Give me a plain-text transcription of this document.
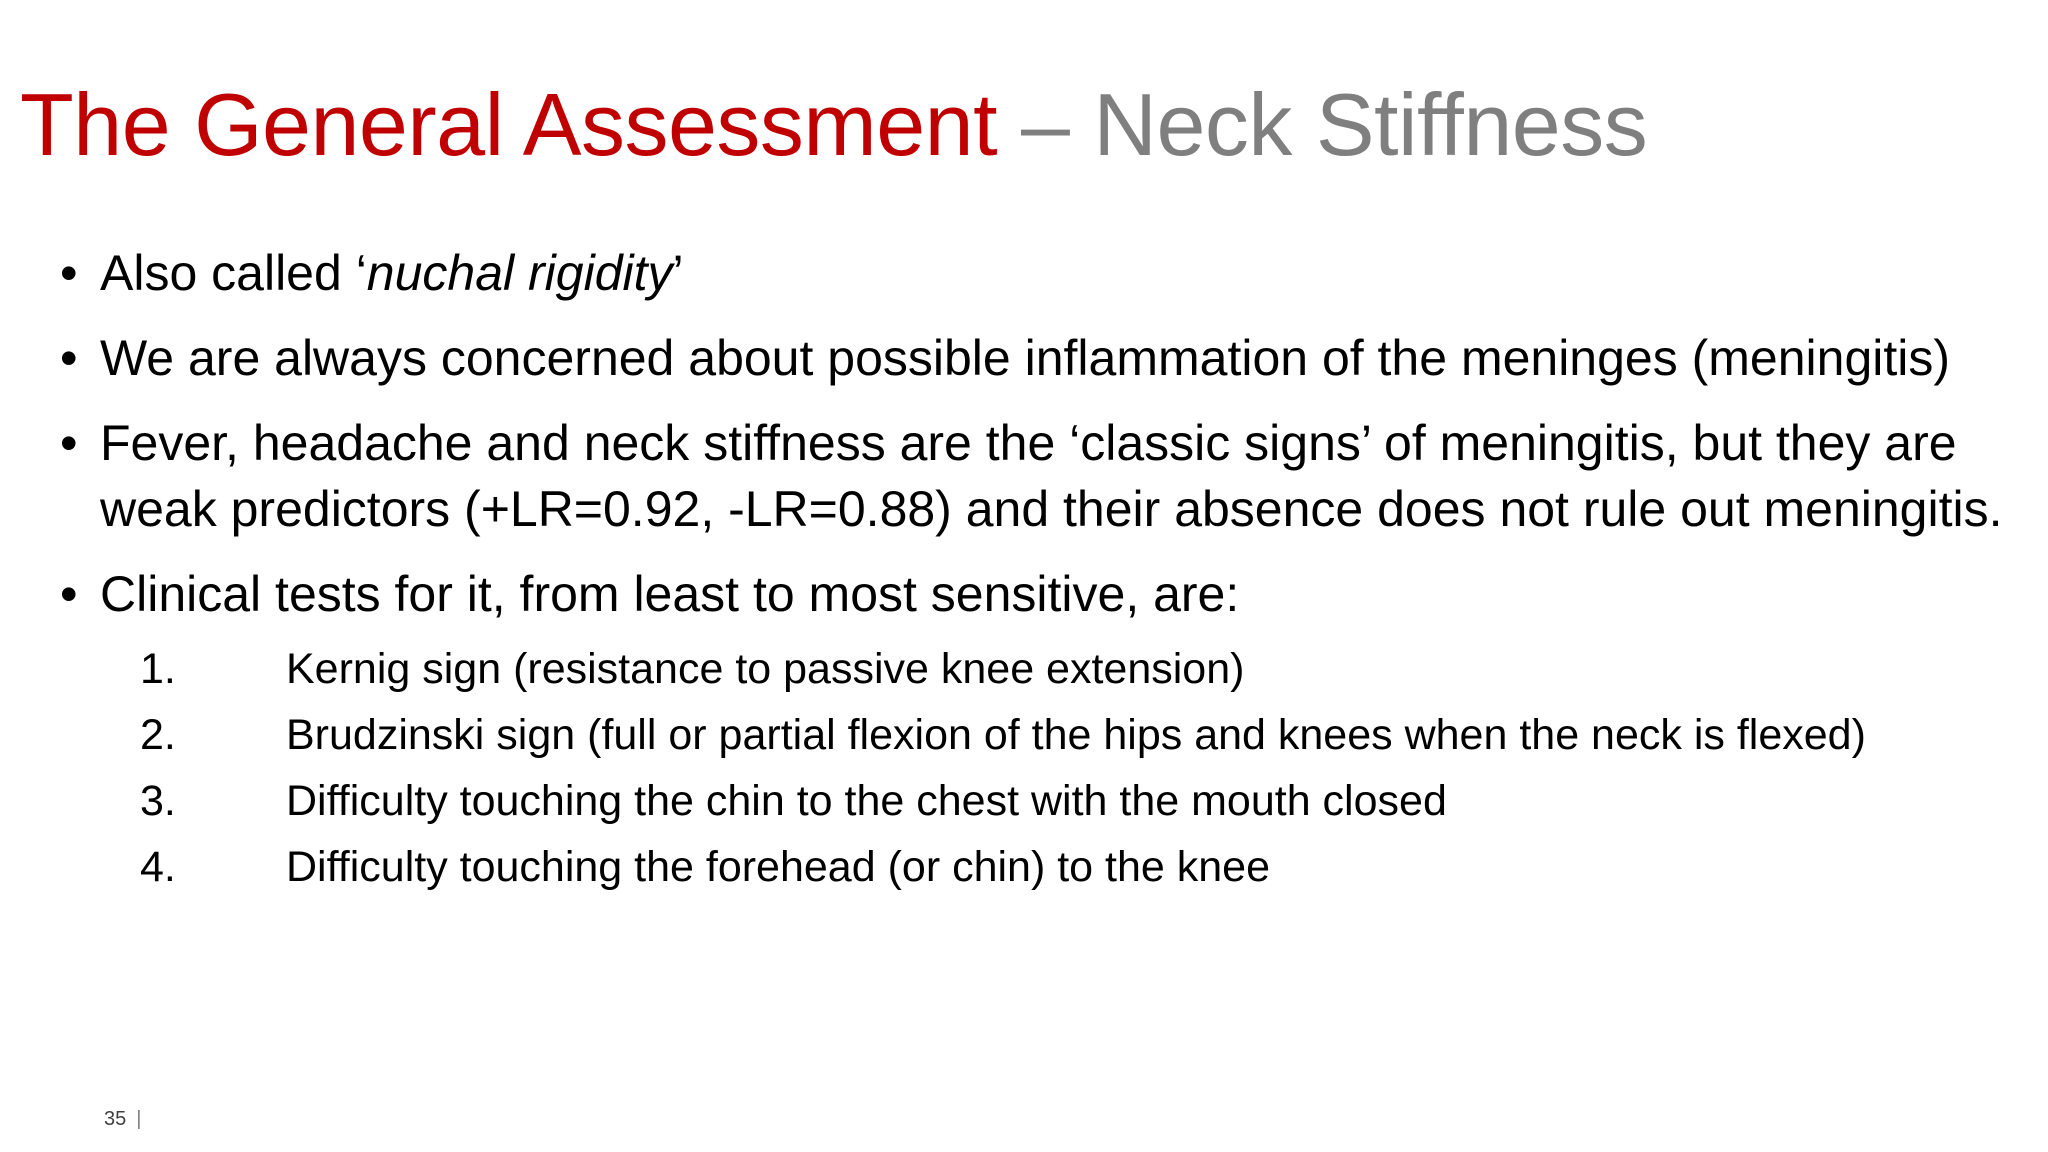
The General Assessment – Neck Stiffness
• Also called ‘nuchal rigidity’
• We are always concerned about possible inflammation of the meninges (meningitis)
• Fever, headache and neck stiffness are the ‘classic signs’ of meningitis, but they are weak predictors (+LR=0.92, -LR=0.88) and their absence does not rule out meningitis.
• Clinical tests for it, from least to most sensitive, are:
1.	Kernig sign (resistance to passive knee extension)
2.	Brudzinski sign (full or partial flexion of the hips and knees when the neck is flexed)
3.	Difficulty touching the chin to the chest with the mouth closed
4.	Difficulty touching the forehead (or chin) to the knee
35 |
